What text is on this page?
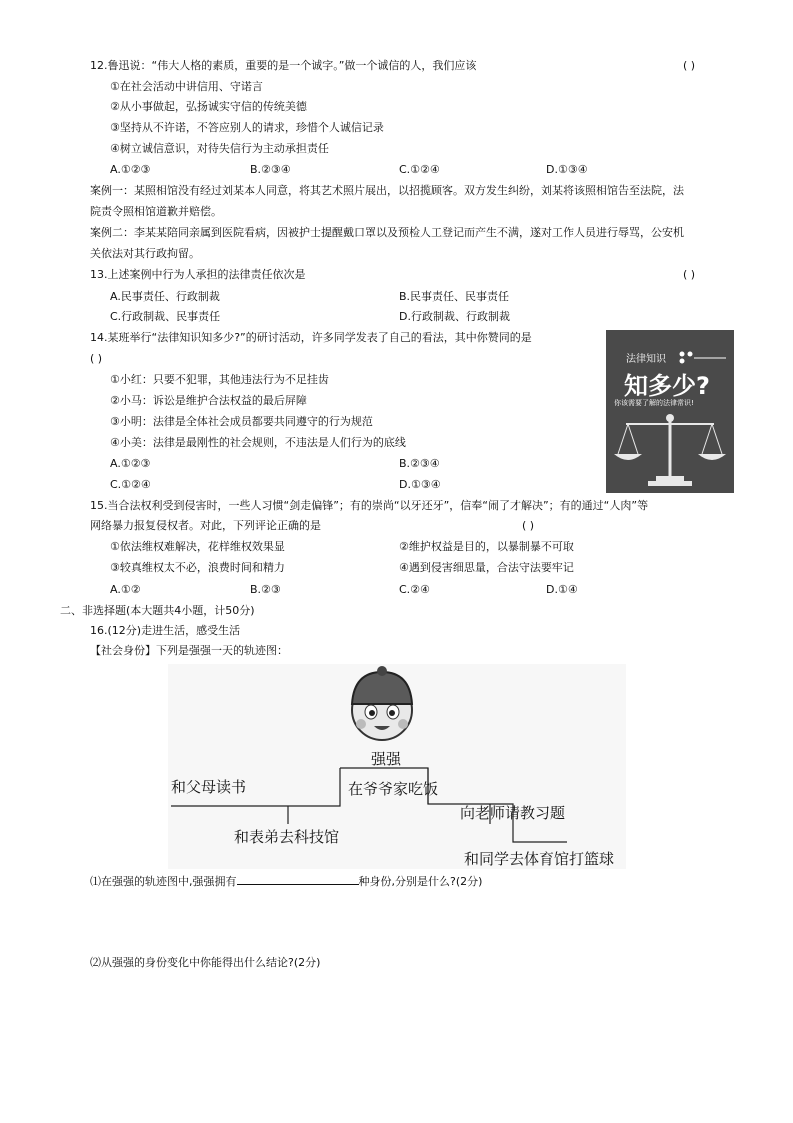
12.鲁迅说：“伟大人格的素质，重要的是一个诚字。”做一个诚信的人，我们应该	( )
①在社会活动中讲信用、守诺言
②从小事做起，弘扬诚实守信的传统美德
③坚持从不许诺，不答应别人的请求，珍惜个人诚信记录
④树立诚信意识，对待失信行为主动承担责任
A.①②③	B.②③④	C.①②④	D.①③④
案例一：某照相馆没有经过刘某本人同意，将其艺术照片展出，以招揽顾客。双方发生纠纷，刘某将该照相馆告至法院，法
院责令照相馆道歉并赔偿。
案例二：李某某陪同亲属到医院看病，因被护士提醒戴口罩以及预检人工登记而产生不满，遂对工作人员进行辱骂，公安机
关依法对其行政拘留。
13.上述案例中行为人承担的法律责任依次是	( )
A.民事责任、行政制裁	B.民事责任、民事责任
C.行政制裁、民事责任	D.行政制裁、行政制裁
14.某班举行“法律知识知多少?”的研讨活动，许多同学发表了自己的看法，其中你赞同的是
( )
①小红：只要不犯罪，其他违法行为不足挂齿
②小马：诉讼是维护合法权益的最后屏障
③小明：法律是全体社会成员都要共同遵守的行为规范
④小美：法律是最刚性的社会规则，不违法是人们行为的底线
A.①②③	B.②③④
C.①②④	D.①③④
法律知识
知多少?
你该需要了解的法律常识!
15.当合法权利受到侵害时，一些人习惯“剑走偏锋”；有的崇尚“以牙还牙”，信奉“闹了才解决”；有的通过“人肉”等
网络暴力报复侵权者。对此，下列评论正确的是	( )
①依法维权难解决，花样维权效果显	②维护权益是目的，以暴制暴不可取
③较真维权太不必，浪费时间和精力	④遇到侵害细思量，合法守法要牢记
A.①②	B.②③	C.②④	D.①④
二、非选择题(本大题共4小题，计50分)
16.(12分)走进生活，感受生活
【社会身份】下列是强强一天的轨迹图：
强强
和父母读书	在爷爷家吃饭
向老师请教习题
和表弟去科技馆
和同学去体育馆打篮球
⑴在强强的轨迹图中,强强拥有	种身份,分别是什么?(2分)
⑵从强强的身份变化中你能得出什么结论?(2分)
